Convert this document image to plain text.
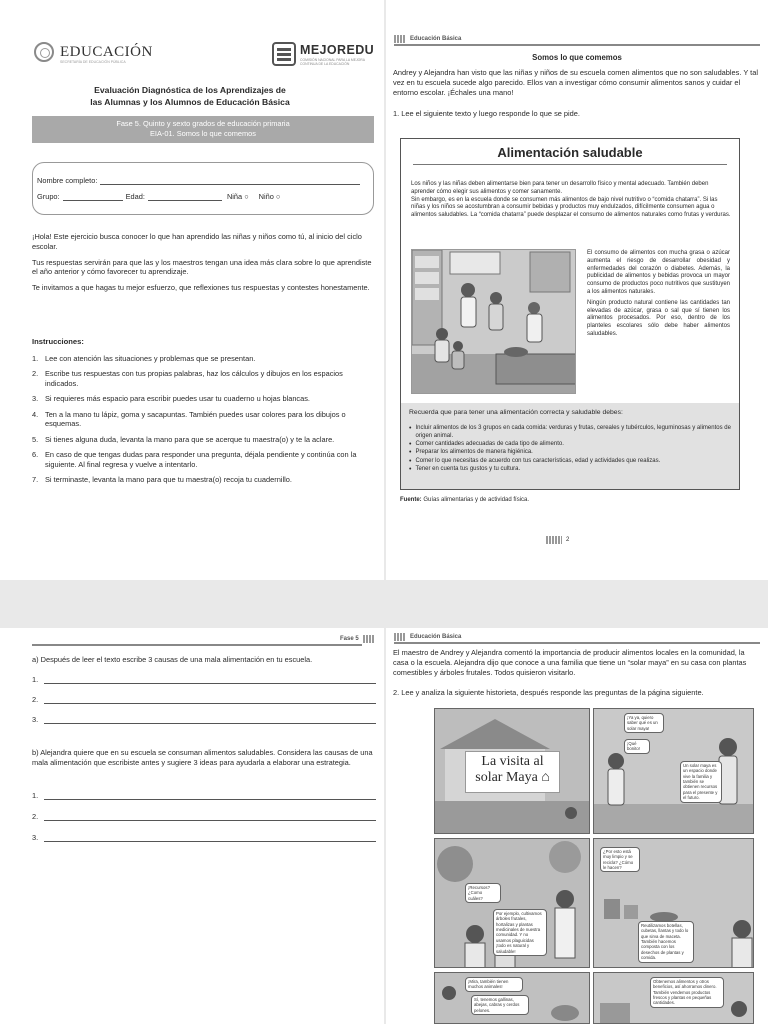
EDUCACIÓN
SECRETARÍA DE EDUCACIÓN PÚBLICA
MEJOREDU
COMISIÓN NACIONAL PARA LA MEJORA CONTINUA DE LA EDUCACIÓN
Evaluación Diagnóstica de los Aprendizajes de
las Alumnas y los Alumnos de Educación Básica
Fase 5. Quinto y sexto grados de educación primaria
EIA-01. Somos lo que comemos
Nombre completo:
Grupo:	Edad:	Niña ○ Niño ○

¡Hola! Este ejercicio busca conocer lo que han aprendido las niñas y niños como tú, al inicio del ciclo escolar.

Tus respuestas servirán para que las y los maestros tengan una idea más clara sobre lo que aprendiste el año anterior y cómo favorecer tu aprendizaje.

Te invitamos a que hagas tu mejor esfuerzo, que reflexiones tus respuestas y contestes honestamente.

Instrucciones:
1. Lee con atención las situaciones y problemas que se presentan.
2. Escribe tus respuestas con tus propias palabras, haz los cálculos y dibujos en los espacios indicados.
3. Si requieres más espacio para escribir puedes usar tu cuaderno u hojas blancas.
4. Ten a la mano tu lápiz, goma y sacapuntas. También puedes usar colores para los dibujos o esquemas.
5. Si tienes alguna duda, levanta la mano para que se acerque tu maestra(o) y te la aclare.
6. En caso de que tengas dudas para responder una pregunta, déjala pendiente y continúa con la siguiente. Al final regresa y vuelve a intentarlo.
7. Si terminaste, levanta la mano para que tu maestra(o) recoja tu cuadernillo.
Educación Básica
Somos lo que comemos
Andrey y Alejandra han visto que las niñas y niños de su escuela comen alimentos que no son saludables. Y tal vez en tu escuela sucede algo parecido. Ellos van a investigar cómo consumir alimentos sanos y cuidar el entorno escolar. ¡Échales una mano!
1. Lee el siguiente texto y luego responde lo que se pide.
Alimentación saludable
Los niños y las niñas deben alimentarse bien para tener un desarrollo físico y mental adecuado. También deben aprender cómo elegir sus alimentos y comer sanamente.
Sin embargo, es en la escuela donde se consumen más alimentos de bajo nivel nutritivo o “comida chatarra”. Si las niñas y los niños se acostumbran a consumir bebidas y productos muy endulzados, difícilmente consumen agua o alimentos saludables. La “comida chatarra” puede desplazar el consumo de alimentos naturales como frutas y verduras.
El consumo de alimentos con mucha grasa o azúcar aumenta el riesgo de desarrollar obesidad y enfermedades del corazón o diabetes. Además, la publicidad de alimentos y bebidas provoca un mayor consumo de productos poco nutritivos que sustituyen a los alimentos naturales.
Ningún producto natural contiene las cantidades tan elevadas de azúcar, grasa o sal que sí tienen los alimentos procesados. Por eso, dentro de los planteles escolares sólo debe haber alimentos saludables.
Recuerda que para tener una alimentación correcta y saludable debes:
• Incluir alimentos de los 3 grupos en cada comida: verduras y frutas, cereales y tubérculos, leguminosas y alimentos de origen animal.
• Comer cantidades adecuadas de cada tipo de alimento.
• Preparar los alimentos de manera higiénica.
• Comer lo que necesitas de acuerdo con tus características, edad y actividades que realizas.
• Tener en cuenta tus gustos y tu cultura.
Fuente: Guías alimentarias y de actividad física.
2
Fase 5
a) Después de leer el texto escribe 3 causas de una mala alimentación en tu escuela.
1.
2.
3.
b) Alejandra quiere que en su escuela se consuman alimentos saludables. Considera las causas de una mala alimentación que escribiste antes y sugiere 3 ideas para ayudarla a elaborar una estrategia.
1.
2.
3.
Educación Básica
El maestro de Andrey y Alejandra comentó la importancia de producir alimentos locales en la comunidad, la casa o la escuela. Alejandra dijo que conoce a una familia que tiene un “solar maya” en su casa con plantas comestibles y árboles frutales. Todos quisieron visitarlo.
2. Lee y analiza la siguiente historieta, después responde las preguntas de la página siguiente.
La visita al
solar Maya ⌂
¡Ya ya, quiero saber qué es un solar maya!
¡Qué bonito!
Un solar maya es un espacio donde vive la familia y también se obtienen recursos para el presente y el futuro.
¡Recursos? ¿Como cuáles?
Por ejemplo, cultivamos árboles frutales, hortalizas y plantas medicinales de nuestra comunidad. Y no usamos plaguicidas ¡todo es natural y saludable!
¿Por esto está muy limpio y se recicla? ¿Cómo le hacen?
Reutilizamos botellas, cubetas, llantas y todo lo que sirva de maceta. También hacemos composta con los desechos de plantas y comida.
¡Mira, también tienen muchos animales!
Sí, tenemos gallinas, abejas, cabras y cerdos pelones.
Obtenemos alimentos y otros beneficios, así ahorramos dinero. También vendemos productos frescos y plantas en pequeñas cantidades.
